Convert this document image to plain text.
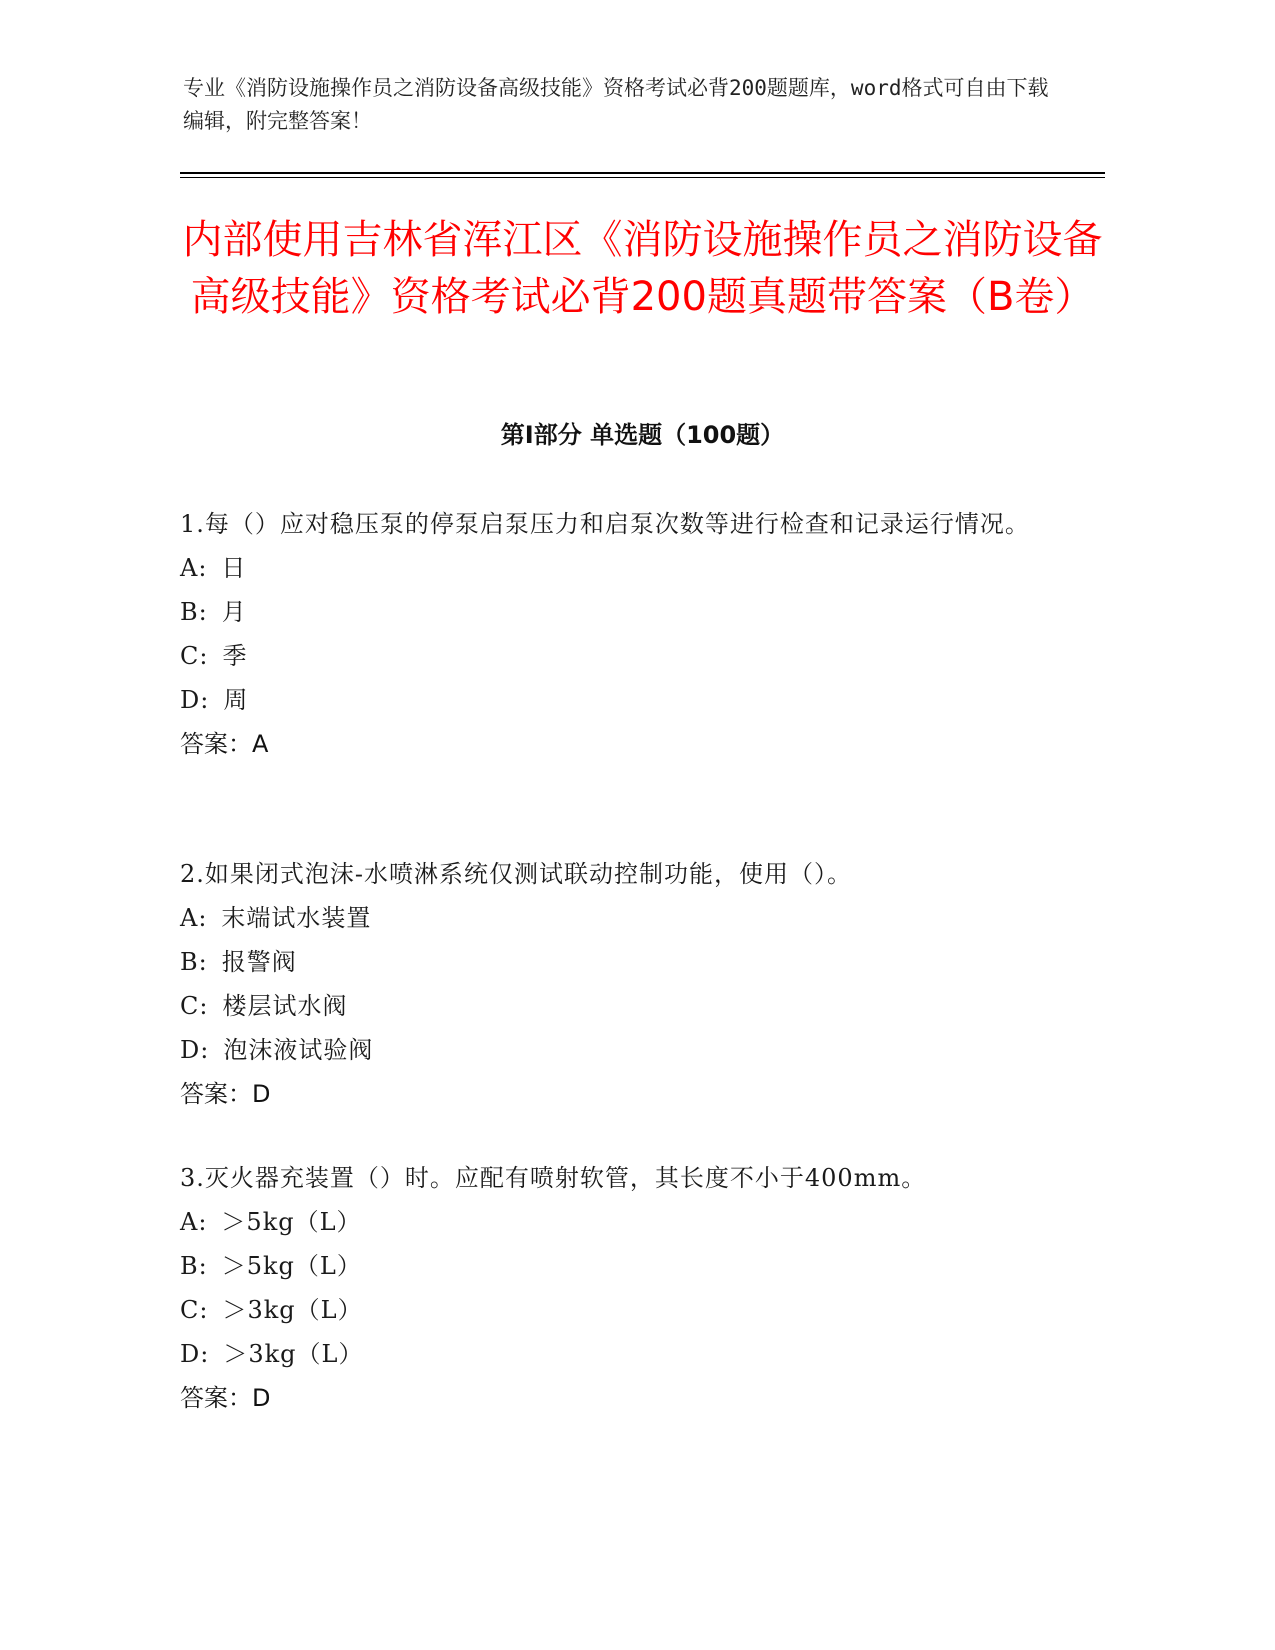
专业《消防设施操作员之消防设备高级技能》资格考试必背200题题库，word格式可自由下载编辑，附完整答案！
内部使用吉林省浑江区《消防设施操作员之消防设备高级技能》资格考试必背200题真题带答案（B卷）
第Ⅰ部分 单选题（100题）

1.每（）应对稳压泵的停泵启泵压力和启泵次数等进行检查和记录运行情况。

A: 日

B: 月

C: 季

D: 周

答案：A

2.如果闭式泡沫-水喷淋系统仅测试联动控制功能，使用（）。

A: 末端试水装置

B: 报警阀

C: 楼层试水阀

D: 泡沫液试验阀

答案：D

3.灭火器充装置（）时。应配有喷射软管，其长度不小于400mm。

A: ＞5kg（L）

B: ＞5kg（L）

C: ＞3kg（L）

D: ＞3kg（L）

答案：D
